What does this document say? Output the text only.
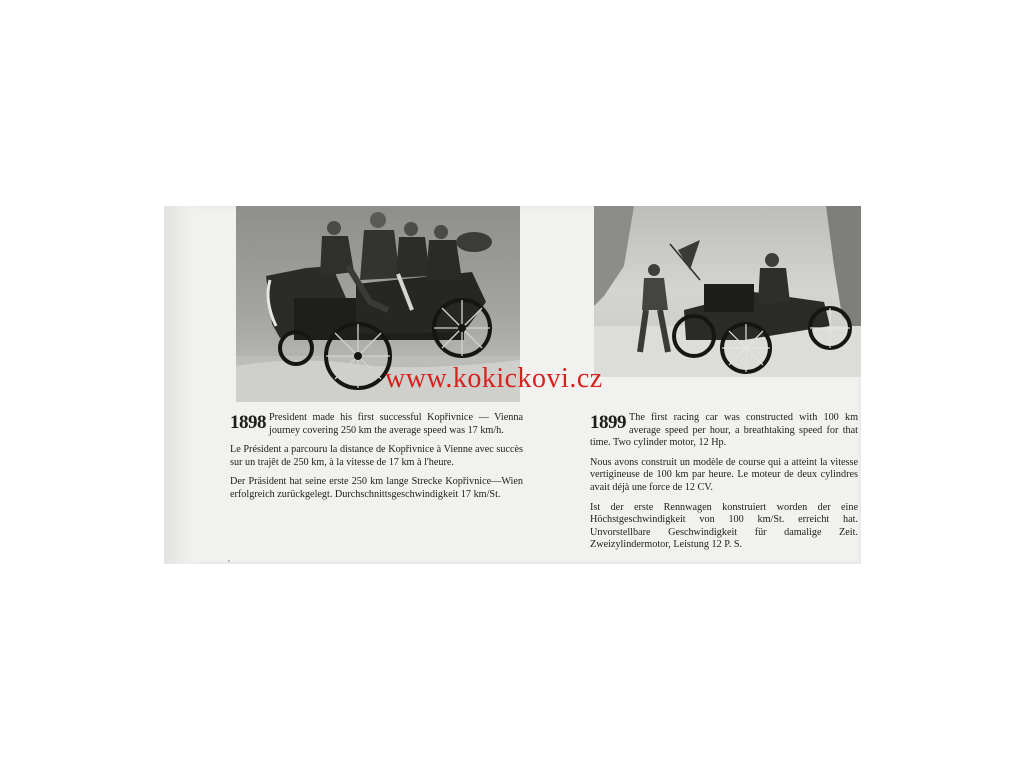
1898 President made his first successful Kopřivnice — Vienna journey covering 250 km the average speed was 17 km/h.

Le Président a parcouru la distance de Kopřivnice à Vienne avec succès sur un trajêt de 250 km, à la vitesse de 17 km à l'heure.

Der Präsident hat seine erste 250 km lange Strecke Kopřivnice—Wien erfolgreich zurückgelegt. Durchschnittsgeschwindigkeit 17 km/St.

1899 The first racing car was constructed with 100 km average speed per hour, a breathtaking speed for that time. Two cylinder motor, 12 Hp.

Nous avons construit un modèle de course qui a atteint la vitesse vertigineuse de 100 km par heure. Le moteur de deux cylindres avait déjà une force de 12 CV.

Ist der erste Rennwagen konstruiert worden der eine Höchstgeschwindigkeit von 100 km/St. erreicht hat. Unvorstellbare Geschwindigkeit für damalige Zeit. Zweizylindermotor, Leistung 12 P. S.

www.kokickovi.cz
